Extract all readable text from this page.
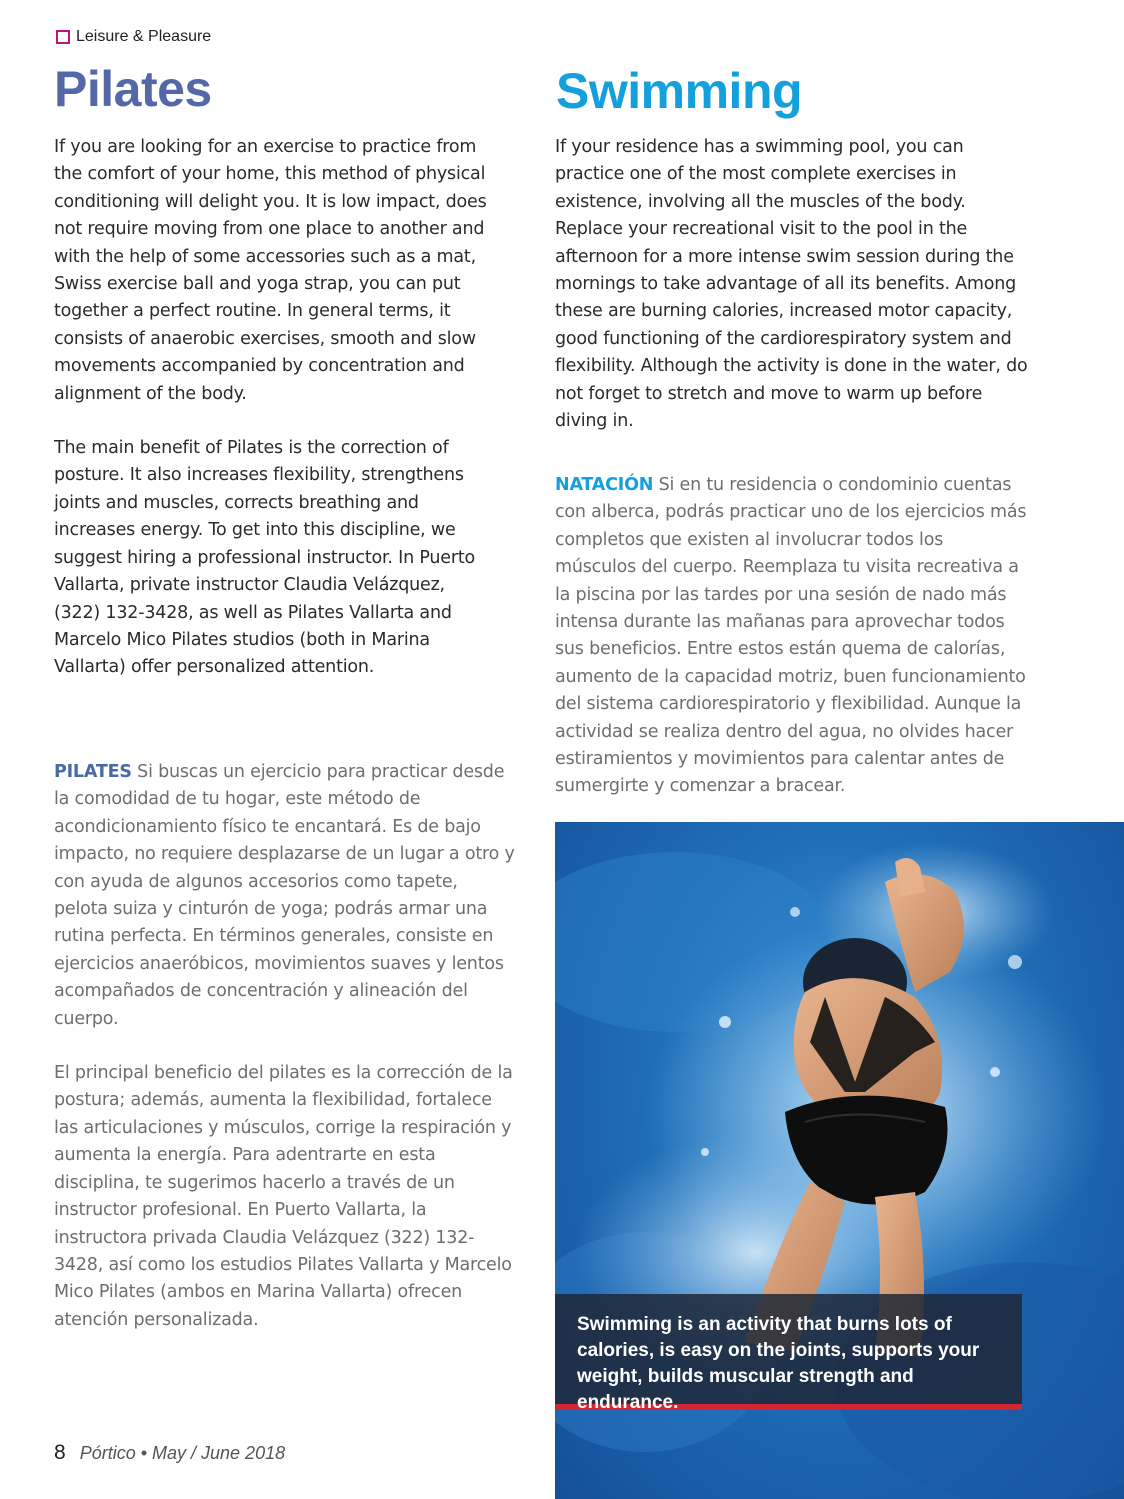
Leisure & Pleasure
Pilates	Swimming

If you are looking for an exercise to practice from the comfort of your home, this method of physical conditioning will delight you. It is low impact, does not require moving from one place to another and with the help of some accessories such as a mat, Swiss exercise ball and yoga strap, you can put together a perfect routine. In general terms, it consists of anaerobic exercises, smooth and slow movements accompanied by concentration and alignment of the body.

The main benefit of Pilates is the correction of posture. It also increases flexibility, strengthens joints and muscles, corrects breathing and increases energy. To get into this discipline, we suggest hiring a professional instructor. In Puerto Vallarta, private instructor Claudia Velázquez, (322) 132-3428, as well as Pilates Vallarta and Marcelo Mico Pilates studios (both in Marina Vallarta) offer personalized attention.

PILATES Si buscas un ejercicio para practicar desde la comodidad de tu hogar, este método de acondicionamiento físico te encantará. Es de bajo impacto, no requiere desplazarse de un lugar a otro y con ayuda de algunos accesorios como tapete, pelota suiza y cinturón de yoga; podrás armar una rutina perfecta. En términos generales, consiste en ejercicios anaeróbicos, movimientos suaves y lentos acompañados de concentración y alineación del cuerpo.

El principal beneficio del pilates es la corrección de la postura; además, aumenta la flexibilidad, fortalece las articulaciones y músculos, corrige la respiración y aumenta la energía. Para adentrarte en esta disciplina, te sugerimos hacerlo a través de un instructor profesional. En Puerto Vallarta, la instructora privada Claudia Velázquez (322) 132-3428, así como los estudios Pilates Vallarta y Marcelo Mico Pilates (ambos en Marina Vallarta) ofrecen atención personalizada.

If your residence has a swimming pool, you can practice one of the most complete exercises in existence, involving all the muscles of the body. Replace your recreational visit to the pool in the afternoon for a more intense swim session during the mornings to take advantage of all its benefits. Among these are burning calories, increased motor capacity, good functioning of the cardiorespiratory system and flexibility. Although the activity is done in the water, do not forget to stretch and move to warm up before diving in.

NATACIÓN Si en tu residencia o condominio cuentas con alberca, podrás practicar uno de los ejercicios más completos que existen al involucrar todos los músculos del cuerpo. Reemplaza tu visita recreativa a la piscina por las tardes por una sesión de nado más intensa durante las mañanas para aprovechar todos sus beneficios. Entre estos están quema de calorías, aumento de la capacidad motriz, buen funcionamiento del sistema cardiorespiratorio y flexibilidad. Aunque la actividad se realiza dentro del agua, no olvides hacer estiramientos y movimientos para calentar antes de sumergirte y comenzar a bracear.

Swimming is an activity that burns lots of calories, is easy on the joints, supports your weight, builds muscular strength and endurance.
8 Pórtico • May / June 2018
